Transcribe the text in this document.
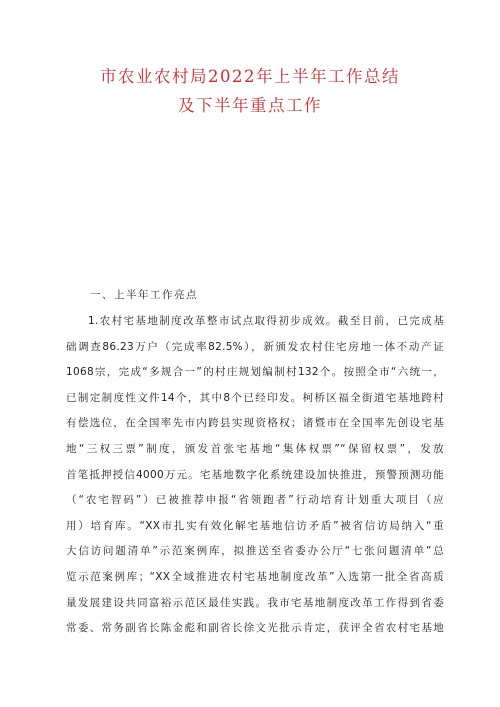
市农业农村局2022年上半年工作总结
及下半年重点工作
一、上半年工作亮点
1.农村宅基地制度改革整市试点取得初步成效。截至目前，已完成基
础调查86.23万户（完成率82.5%），新颁发农村住宅房地一体不动产证
1068宗，完成“多规合一”的村庄规划编制村132个。按照全市“六统一，
已制定制度性文件14个，其中8个已经印发。柯桥区福全街道宅基地跨村
有偿选位，在全国率先市内跨县实现资格权；诸暨市在全国率先创设宅基
地“三权三票”制度，颁发首张宅基地“集体权票”“保留权票”，发放
首笔抵押授信4000万元。宅基地数字化系统建设加快推进，预警预测功能
（“农宅智码”）已被推荐申报“省领跑者”行动培育计划重大项目（应
用）培育库。“XX市扎实有效化解宅基地信访矛盾”被省信访局纳入“重
大信访问题清单”示范案例库，拟推送至省委办公厅“七张问题清单”总
览示范案例库；“XX全域推进农村宅基地制度改革”入选第一批全省高质
量发展建设共同富裕示范区最佳实践。我市宅基地制度改革工作得到省委
常委、常务副省长陈金彪和副省长徐文光批示肯定，获评全省农村宅基地
